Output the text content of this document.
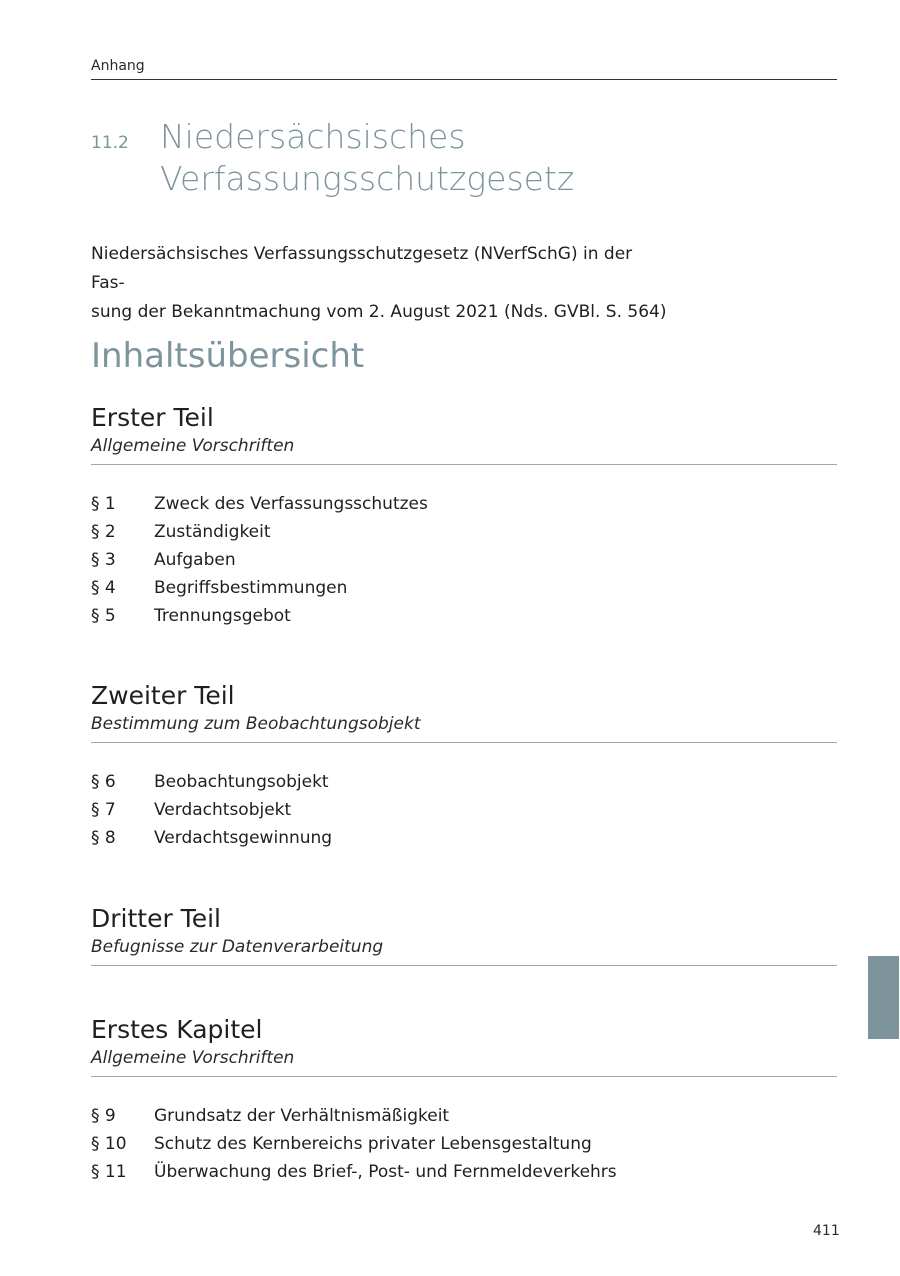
Anhang
11.2 Niedersächsisches
Verfassungsschutzgesetz
Niedersächsisches Verfassungsschutzgesetz (NVerfSchG) in der Fas-
sung der Bekanntmachung vom 2. August 2021 (Nds. GVBl. S. 564)
Inhaltsübersicht
Erster Teil
Allgemeine Vorschriften
§ 1	Zweck des Verfassungsschutzes
§ 2	Zuständigkeit
§ 3	Aufgaben
§ 4	Begriffsbestimmungen
§ 5	Trennungsgebot
Zweiter Teil
Bestimmung zum Beobachtungsobjekt
§ 6	Beobachtungsobjekt
§ 7	Verdachtsobjekt
§ 8	Verdachtsgewinnung
Dritter Teil
Befugnisse zur Datenverarbeitung
Erstes Kapitel
Allgemeine Vorschriften
§ 9	Grundsatz der Verhältnismäßigkeit
§ 10	Schutz des Kernbereichs privater Lebensgestaltung
§ 11	Überwachung des Brief-, Post- und Fernmeldeverkehrs
411
